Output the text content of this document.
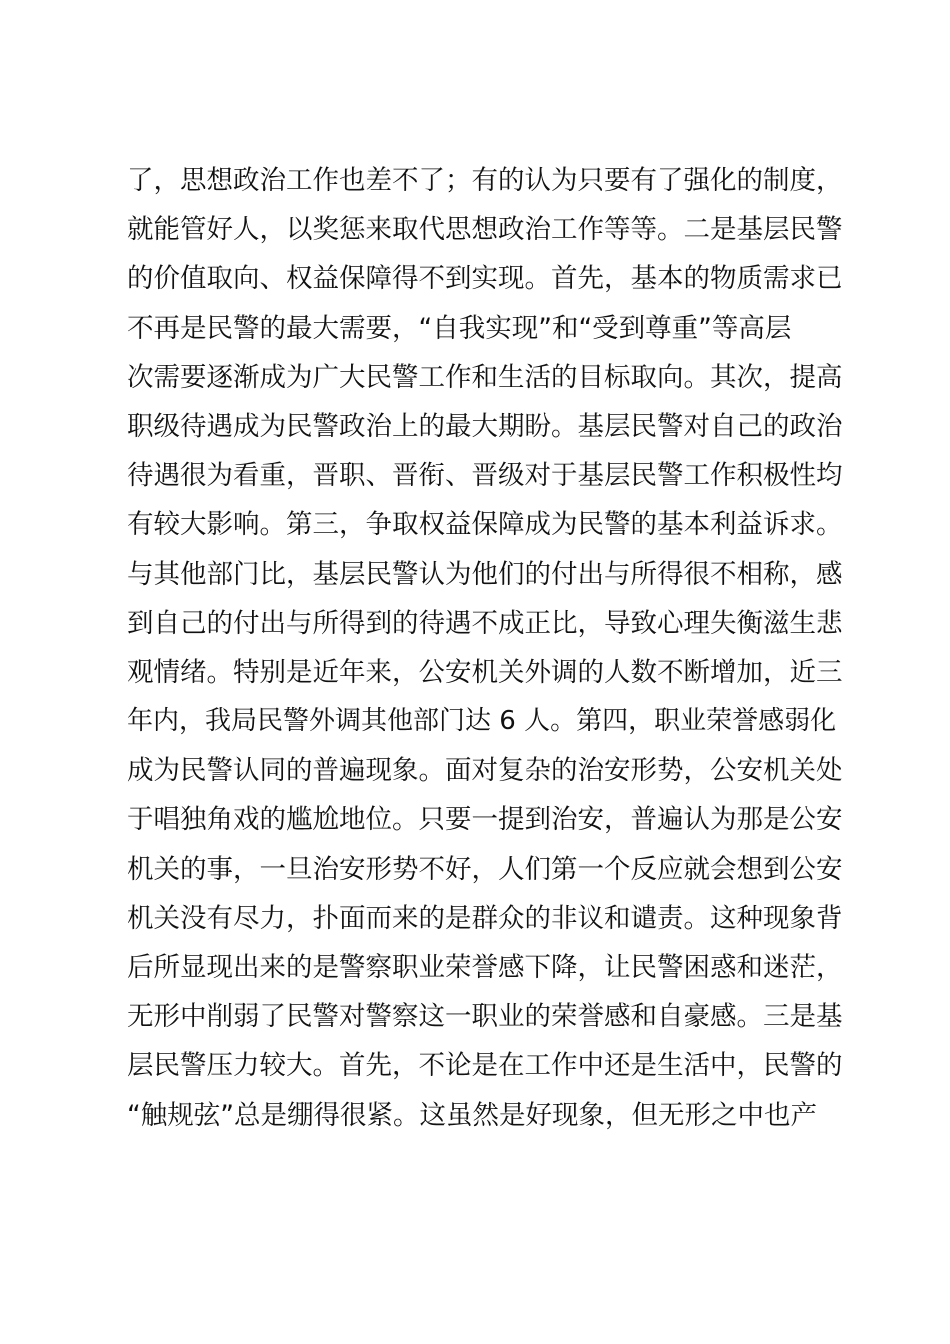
了，思想政治工作也差不了；有的认为只要有了强化的制度，
就能管好人，以奖惩来取代思想政治工作等等。二是基层民警
的价值取向、权益保障得不到实现。首先，基本的物质需求已
不再是民警的最大需要，“自我实现”和“受到尊重”等高层
次需要逐渐成为广大民警工作和生活的目标取向。其次，提高
职级待遇成为民警政治上的最大期盼。基层民警对自己的政治
待遇很为看重，晋职、晋衔、晋级对于基层民警工作积极性均
有较大影响。第三，争取权益保障成为民警的基本利益诉求。
与其他部门比，基层民警认为他们的付出与所得很不相称，感
到自己的付出与所得到的待遇不成正比，导致心理失衡滋生悲
观情绪。特别是近年来，公安机关外调的人数不断增加，近三
年内，我局民警外调其他部门达 6 人。第四，职业荣誉感弱化
成为民警认同的普遍现象。面对复杂的治安形势，公安机关处
于唱独角戏的尴尬地位。只要一提到治安，普遍认为那是公安
机关的事，一旦治安形势不好，人们第一个反应就会想到公安
机关没有尽力，扑面而来的是群众的非议和谴责。这种现象背
后所显现出来的是警察职业荣誉感下降，让民警困惑和迷茫，
无形中削弱了民警对警察这一职业的荣誉感和自豪感。三是基
层民警压力较大。首先，不论是在工作中还是生活中，民警的
“触规弦”总是绷得很紧。这虽然是好现象，但无形之中也产
